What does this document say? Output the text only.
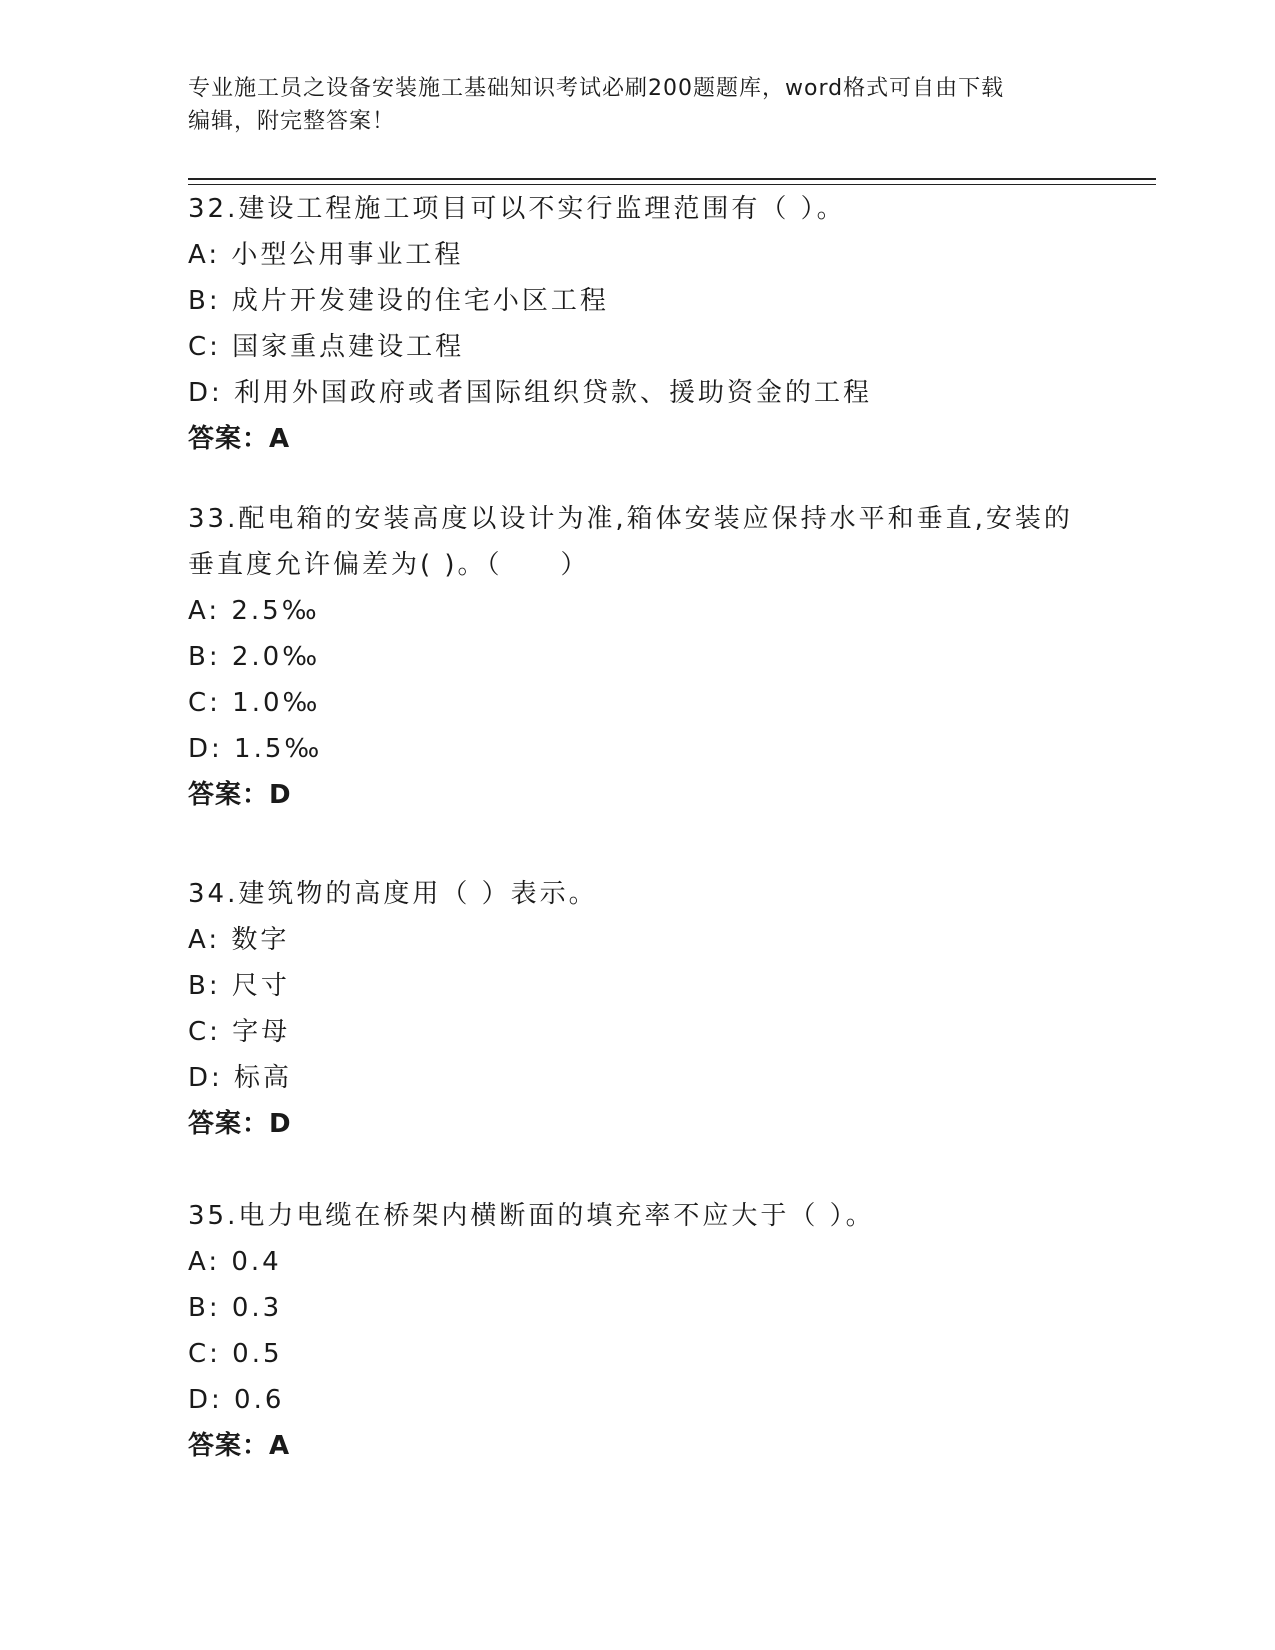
专业施工员之设备安装施工基础知识考试必刷200题题库，word格式可自由下载
编辑，附完整答案！
32.建设工程施工项目可以不实行监理范围有（ ）。
A: 小型公用事业工程
B: 成片开发建设的住宅小区工程
C: 国家重点建设工程
D: 利用外国政府或者国际组织贷款、援助资金的工程
答案：A
33.配电箱的安装高度以设计为准,箱体安装应保持水平和垂直,安装的
垂直度允许偏差为( )。（　　）
A: 2.5‰
B: 2.0‰
C: 1.0‰
D: 1.5‰
答案：D
34.建筑物的高度用（ ）表示。
A: 数字
B: 尺寸
C: 字母
D: 标高
答案：D
35.电力电缆在桥架内横断面的填充率不应大于（ ）。
A: 0.4
B: 0.3
C: 0.5
D: 0.6
答案：A
